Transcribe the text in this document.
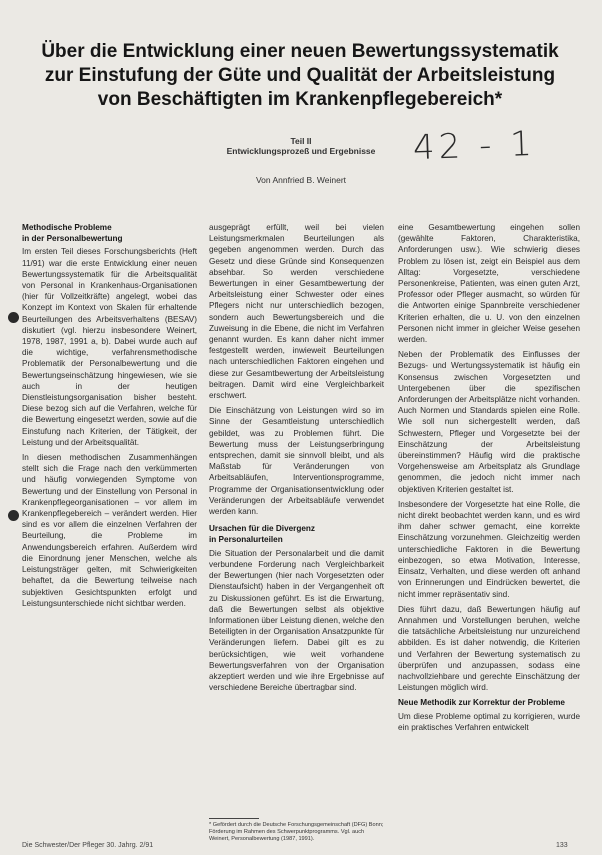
Über die Entwicklung einer neuen Bewertungssystematik
zur Einstufung der Güte und Qualität der Arbeitsleistung
von Beschäftigten im Krankenpflegebereich*
Teil II
Entwicklungsprozeß und Ergebnisse
Von Annfried B. Weinert
42 - 1
Methodische Probleme
in der Personalbewertung

Im ersten Teil dieses Forschungsberichts (Heft 11/91) war die erste Entwicklung einer neuen Bewertungssystematik für die Arbeitsqualität von Personal in Krankenhaus-Organisationen (hier für Vollzeitkräfte) angelegt, wobei das Konzept im Kontext von Skalen für erhaltende Beurteilungen des Arbeitsverhaltens (BESAV) diskutiert (vgl. hierzu insbesondere Weinert, 1978, 1987, 1991 a, b). Dabei wurde auch auf die wichtige, verfahrensmethodische Problematik der Personalbewertung und die Bewertungseinschätzung hingewiesen, wie sie auch in der heutigen Dienstleistungsorganisation bisher besteht. Diese bezog sich auf die Verfahren, welche für die Bewertung eingesetzt werden, sowie auf die Einstufung nach Kriterien, der Tätigkeit, der Leistung und der Arbeitsqualität.

In diesen methodischen Zusammenhängen stellt sich die Frage nach den verkümmerten und häufig vorwiegenden Symptome von Bewertung und der Einstellung von Personal in Krankenpflegeorganisationen – vor allem im Krankenpflegebereich – verändert werden. Hier sind es vor allem die einzelnen Verfahren der Beurteilung, die Probleme im Anwendungsbereich erfahren. Außerdem wird die Einordnung jener Menschen, welche als Leistungsträger gelten, mit Schwierigkeiten behaftet, da die Bewertung teilweise nach subjektiven Gesichtspunkten erfolgt und Leistungsunterschiede nicht sichtbar werden.

ausgeprägt erfüllt, weil bei vielen Leistungsmerkmalen Beurteilungen als gegeben angenommen werden. Durch das Gesetz und diese Gründe sind Konsequenzen absehbar. So werden verschiedene Bewertungen in einer Gesamtbewertung der Arbeitsleistung einer Schwester oder eines Pflegers nicht nur unterschiedlich bezogen, sondern auch Bewertungsbereich und die Zuweisung in die Ebene, die nicht im Verfahren genannt wurden. Es kann daher nicht immer festgestellt werden, inwieweit Beurteilungen nach unterschiedlichen Faktoren eingehen und diese zur Gesamtbewertung der Arbeitsleistung beitragen. Damit wird eine Vergleichbarkeit erschwert.

Die Einschätzung von Leistungen wird so im Sinne der Gesamtleistung unterschiedlich gebildet, was zu Problemen führt. Die Bewertung muss der Leistungserbringung entsprechen, damit sie sinnvoll bleibt, und als Maßstab für Veränderungen von Arbeitsabläufen, Interventionsprogramme, Programme der Organisationsentwicklung oder Veränderungen der Arbeitsabläufe verwendet werden kann.

Ursachen für die Divergenz
in Personalurteilen

Die Situation der Personalarbeit und die damit verbundene Forderung nach Vergleichbarkeit der Bewertungen (hier nach Vorgesetzten oder Dienstaufsicht) haben in der Vergangenheit oft zu Diskussionen geführt. Es ist die Erwartung, daß die Bewertungen selbst als objektive Informationen über Leistung dienen, welche den Beteiligten in der Organisation Ansatzpunkte für Veränderungen liefern. Dabei gilt es zu berücksichtigen, wie weit vorhandene Bewertungsverfahren von der Organisation akzeptiert werden und wie ihre Ergebnisse auf verschiedene Bereiche übertragbar sind.

eine Gesamtbewertung eingehen sollen (gewählte Faktoren, Charakteristika, Anforderungen usw.). Wie schwierig dieses Problem zu lösen ist, zeigt ein Beispiel aus dem Alltag: Vorgesetzte, verschiedene Personenkreise, Patienten, was einen guten Arzt, Professor oder Pfleger ausmacht, so würden für die Antworten einige Spannbreite verschiedener Kriterien erhalten, die u. U. von den einzelnen Personen nicht immer in gleicher Weise gesehen werden.

Neben der Problematik des Einflusses der Bezugs- und Wertungssystematik ist häufig ein Konsensus zwischen Vorgesetzten und Untergebenen über die spezifischen Anforderungen der Arbeitsplätze nicht vorhanden. Auch Normen und Standards spielen eine Rolle. Wie soll nun sichergestellt werden, daß Schwestern, Pfleger und Vorgesetzte bei der Einschätzung der Arbeitsleistung übereinstimmen? Häufig wird die praktische Vorgehensweise am Arbeitsplatz als Grundlage genommen, die jedoch nicht immer nach objektiven Kriterien gestaltet ist.

Insbesondere der Vorgesetzte hat eine Rolle, die nicht direkt beobachtet werden kann, und es wird ihm daher schwer gemacht, eine korrekte Einschätzung vorzunehmen. Gleichzeitig werden unterschiedliche Faktoren in die Bewertung einbezogen, so etwa Motivation, Interesse, Einsatz, Verhalten, und diese werden oft anhand von Erinnerungen und Eindrücken bewertet, die nicht immer repräsentativ sind.

Dies führt dazu, daß Bewertungen häufig auf Annahmen und Vorstellungen beruhen, welche die tatsächliche Arbeitsleistung nur unzureichend abbilden. Es ist daher notwendig, die Kriterien und Verfahren der Bewertung systematisch zu überprüfen und anzupassen, sodass eine nachvollziehbare und gerechte Einschätzung der Leistungen möglich wird.

Neue Methodik zur Korrektur der Probleme

Um diese Probleme optimal zu korrigieren, wurde ein praktisches Verfahren entwickelt

* Gefördert durch die Deutsche Forschungsgemeinschaft (DFG) Bonn; Förderung im Rahmen des Schwerpunktprogramms. Vgl. auch Weinert, Personalbewertung (1987, 1991).
Die Schwester/Der Pfleger 30. Jahrg. 2/91	133
